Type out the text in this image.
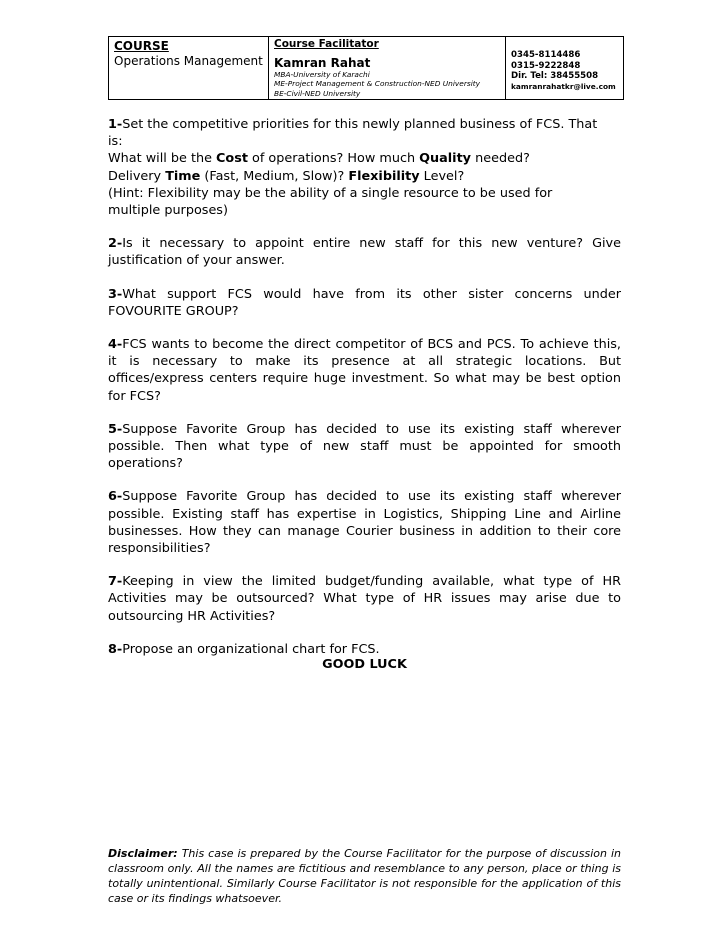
COURSE
Operations Management
Course Facilitator
Kamran Rahat
MBA-University of Karachi
ME-Project Management & Construction-NED University
BE-Civil-NED University
0345-8114486
0315-9222848
Dir. Tel: 38455508
kamranrahatkr@live.com
1-Set the competitive priorities for this newly planned business of FCS. That
is:
What will be the Cost of operations? How much Quality needed?
Delivery Time (Fast, Medium, Slow)? Flexibility Level?
(Hint: Flexibility may be the ability of a single resource to be used for
multiple purposes)
2-Is it necessary to appoint entire new staff for this new venture? Give justification of your answer.
3-What support FCS would have from its other sister concerns under FOVOURITE GROUP?
4-FCS wants to become the direct competitor of BCS and PCS. To achieve this, it is necessary to make its presence at all strategic locations. But offices/express centers require huge investment. So what may be best option for FCS?
5-Suppose Favorite Group has decided to use its existing staff wherever possible. Then what type of new staff must be appointed for smooth operations?
6-Suppose Favorite Group has decided to use its existing staff wherever possible. Existing staff has expertise in Logistics, Shipping Line and Airline businesses. How they can manage Courier business in addition to their core responsibilities?
7-Keeping in view the limited budget/funding available, what type of HR Activities may be outsourced? What type of HR issues may arise due to outsourcing HR Activities?
8-Propose an organizational chart for FCS.
GOOD LUCK
Disclaimer: This case is prepared by the Course Facilitator for the purpose of discussion in classroom only. All the names are fictitious and resemblance to any person, place or thing is totally unintentional. Similarly Course Facilitator is not responsible for the application of this case or its findings whatsoever.
